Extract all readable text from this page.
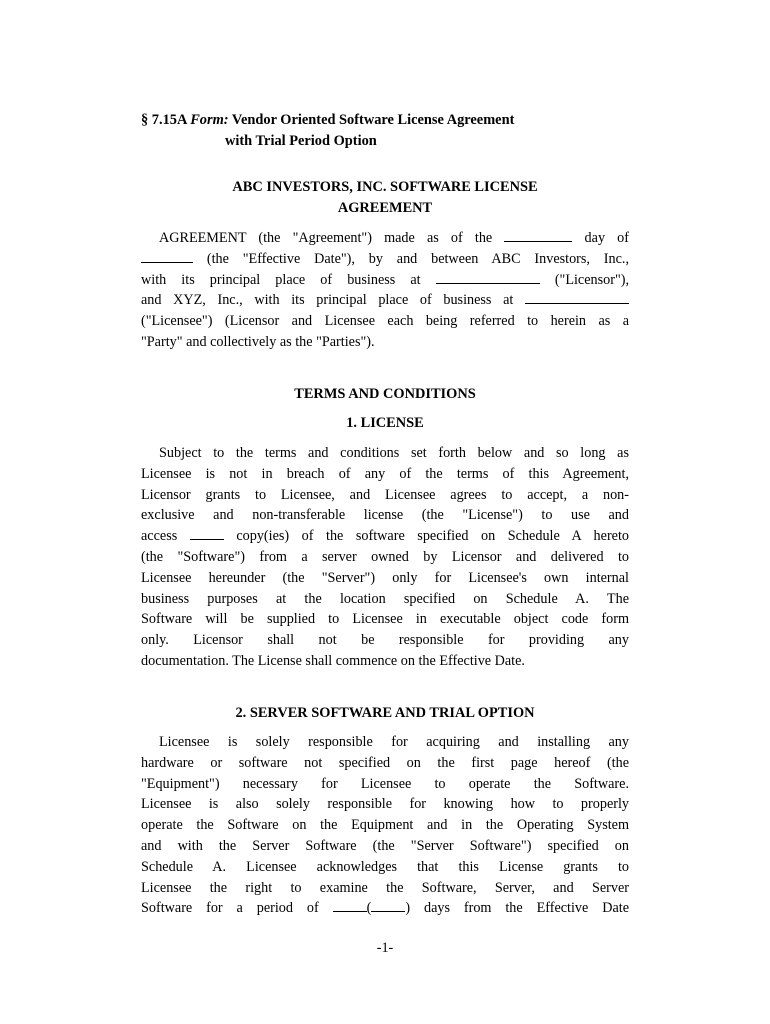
§ 7.15A Form: Vendor Oriented Software License Agreement
with Trial Period Option
ABC INVESTORS, INC. SOFTWARE LICENSE
AGREEMENT
AGREEMENT (the "Agreement") made as of the	day of
(the "Effective Date"), by and between ABC Investors, Inc.,
with its principal place of business at	("Licensor"),
and XYZ, Inc., with its principal place of business at
("Licensee") (Licensor and Licensee each being referred to herein as a
"Party" and collectively as the "Parties").
TERMS AND CONDITIONS
1. LICENSE
Subject to the terms and conditions set forth below and so long as
Licensee is not in breach of any of the terms of this Agreement,
Licensor grants to Licensee, and Licensee agrees to accept, a non-
exclusive and non-transferable license (the "License") to use and
access	copy(ies) of the software specified on Schedule A hereto
(the "Software") from a server owned by Licensor and delivered to
Licensee hereunder (the "Server") only for Licensee's own internal
business purposes at the location specified on Schedule A. The
Software will be supplied to Licensee in executable object code form
only. Licensor shall not be responsible for providing any
documentation. The License shall commence on the Effective Date.
2. SERVER SOFTWARE AND TRIAL OPTION
Licensee is solely responsible for acquiring and installing any
hardware or software not specified on the first page hereof (the
"Equipment") necessary for Licensee to operate the Software.
Licensee is also solely responsible for knowing how to properly
operate the Software on the Equipment and in the Operating System
and with the Server Software (the "Server Software") specified on
Schedule A. Licensee acknowledges that this License grants to
Licensee the right to examine the Software, Server, and Server
Software for a period of	( ) days from the Effective Date
-1-
